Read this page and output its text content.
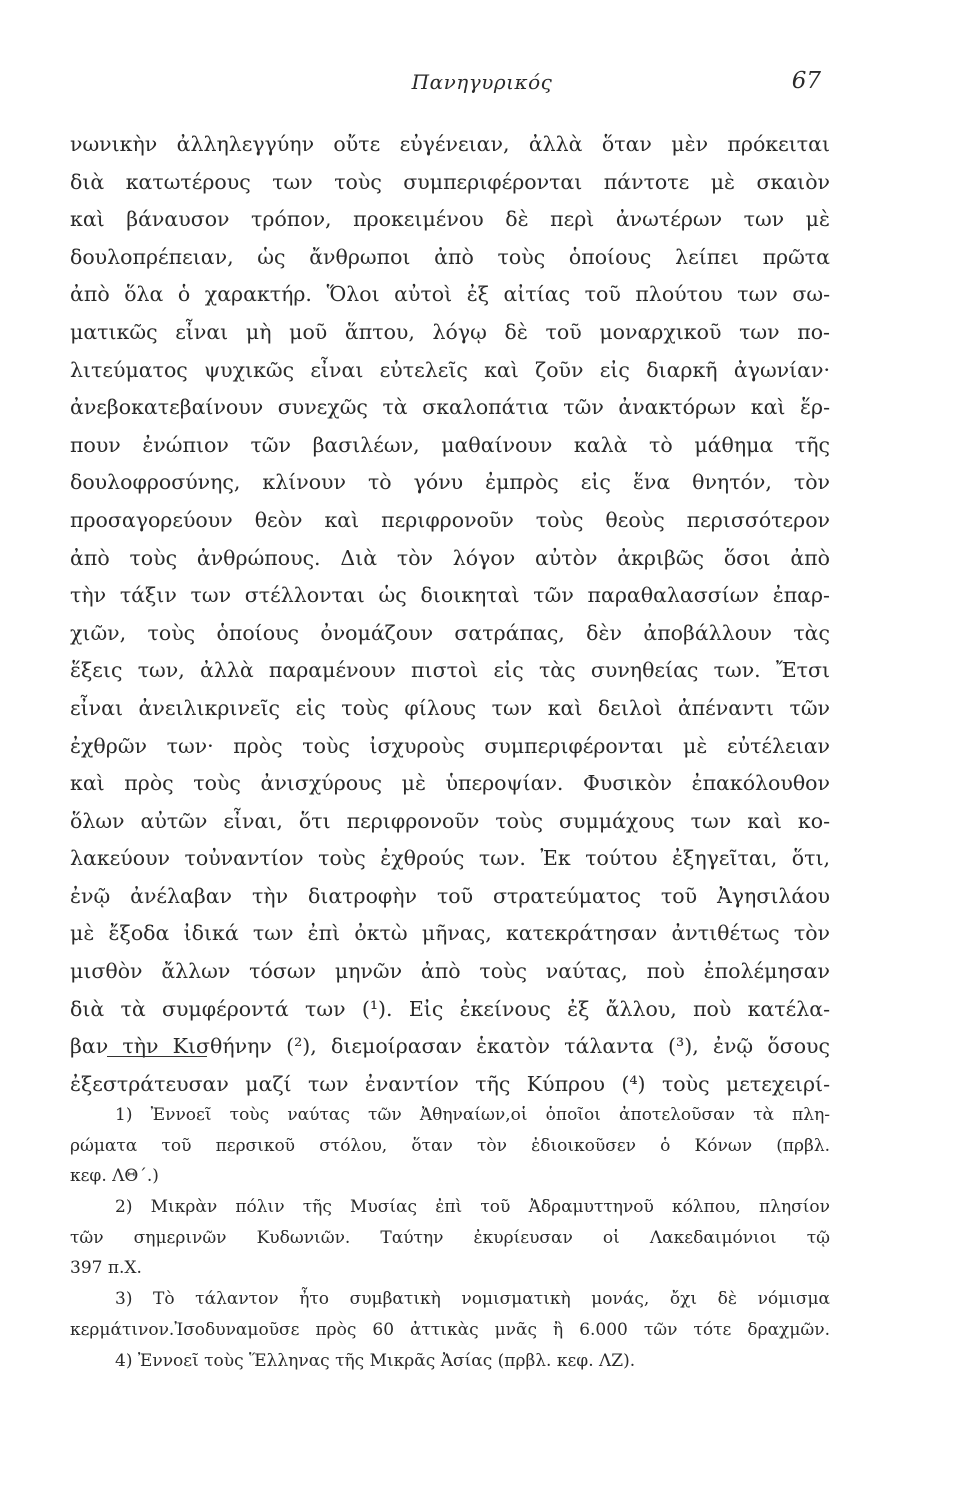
Πανηγυρικός	67
νωνικὴν ἀλληλεγγύην οὔτε εὐγένειαν, ἀλλὰ ὅταν μὲν πρόκειται
διὰ κατωτέρους των τοὺς συμπεριφέρονται πάντοτε μὲ σκαιὸν
καὶ βάναυσον τρόπον, προκειμένου δὲ περὶ ἀνωτέρων των μὲ
δουλοπρέπειαν, ὡς ἄνθρωποι ἀπὸ τοὺς ὁποίους λείπει πρῶτα
ἀπὸ ὅλα ὁ χαρακτήρ. Ὅλοι αὐτοὶ ἐξ αἰτίας τοῦ πλούτου των σω-
ματικῶς εἶναι μὴ μοῦ ἅπτου, λόγῳ δὲ τοῦ μοναρχικοῦ των πο-
λιτεύματος ψυχικῶς εἶναι εὐτελεῖς καὶ ζοῦν εἰς διαρκῆ ἀγωνίαν·
ἀνεβοκατεβαίνουν συνεχῶς τὰ σκαλοπάτια τῶν ἀνακτόρων καὶ ἕρ-
πουν ἐνώπιον τῶν βασιλέων, μαθαίνουν καλὰ τὸ μάθημα τῆς
δουλοφροσύνης, κλίνουν τὸ γόνυ ἐμπρὸς εἰς ἕνα θνητόν, τὸν
προσαγορεύουν θεὸν καὶ περιφρονοῦν τοὺς θεοὺς περισσότερον
ἀπὸ τοὺς ἀνθρώπους. Διὰ τὸν λόγον αὐτὸν ἀκριβῶς ὅσοι ἀπὸ
τὴν τάξιν των στέλλονται ὡς διοικηταὶ τῶν παραθαλασσίων ἐπαρ-
χιῶν, τοὺς ὁποίους ὀνομάζουν σατράπας, δὲν ἀποβάλλουν τὰς
ἕξεις των, ἀλλὰ παραμένουν πιστοὶ εἰς τὰς συνηθείας των. Ἔτσι
εἶναι ἀνειλικρινεῖς εἰς τοὺς φίλους των καὶ δειλοὶ ἀπέναντι τῶν
ἐχθρῶν των· πρὸς τοὺς ἰσχυροὺς συμπεριφέρονται μὲ εὐτέλειαν
καὶ πρὸς τοὺς ἀνισχύρους μὲ ὑπεροψίαν. Φυσικὸν ἐπακόλουθον
ὅλων αὐτῶν εἶναι, ὅτι περιφρονοῦν τοὺς συμμάχους των καὶ κο-
λακεύουν τοὐναντίον τοὺς ἐχθρούς των. Ἐκ τούτου ἐξηγεῖται, ὅτι,
ἐνῷ ἀνέλαβαν τὴν διατροφὴν τοῦ στρατεύματος τοῦ Ἀγησιλάου
μὲ ἔξοδα ἰδικά των ἐπὶ ὀκτὼ μῆνας, κατεκράτησαν ἀντιθέτως τὸν
μισθὸν ἄλλων τόσων μηνῶν ἀπὸ τοὺς ναύτας, ποὺ ἐπολέμησαν
διὰ τὰ συμφέροντά των (¹). Εἰς ἐκείνους ἐξ ἄλλου, ποὺ κατέλα-
βαν τὴν Κισθήνην (²), διεμοίρασαν ἑκατὸν τάλαντα (³), ἐνῷ ὅσους
ἐξεστράτευσαν μαζί των ἐναντίον τῆς Κύπρου (⁴) τοὺς μετεχειρί-
1) Ἐννοεῖ τοὺς ναύτας τῶν Ἀθηναίων,οἱ ὁποῖοι ἀποτελοῦσαν τὰ πλη-
ρώματα τοῦ περσικοῦ στόλου, ὅταν τὸν ἐδιοικοῦσεν ὁ Κόνων (πρβλ.
κεφ. ΛΘ΄.)
2) Μικρὰν πόλιν τῆς Μυσίας ἐπὶ τοῦ Ἀδραμυττηνοῦ κόλπου, πλησίον
τῶν σημερινῶν Κυδωνιῶν. Ταύτην ἐκυρίευσαν οἱ Λακεδαιμόνιοι τῷ
397 π.Χ.
3) Τὸ τάλαντον ἦτο συμβατικὴ νομισματικὴ μονάς, ὄχι δὲ νόμισμα
κερμάτινον.Ἰσοδυναμοῦσε πρὸς 60 ἀττικὰς μνᾶς ἢ 6.000 τῶν τότε δραχμῶν.
4) Ἐννοεῖ τοὺς Ἕλληνας τῆς Μικρᾶς Ἀσίας (πρβλ. κεφ. ΛΖ).
